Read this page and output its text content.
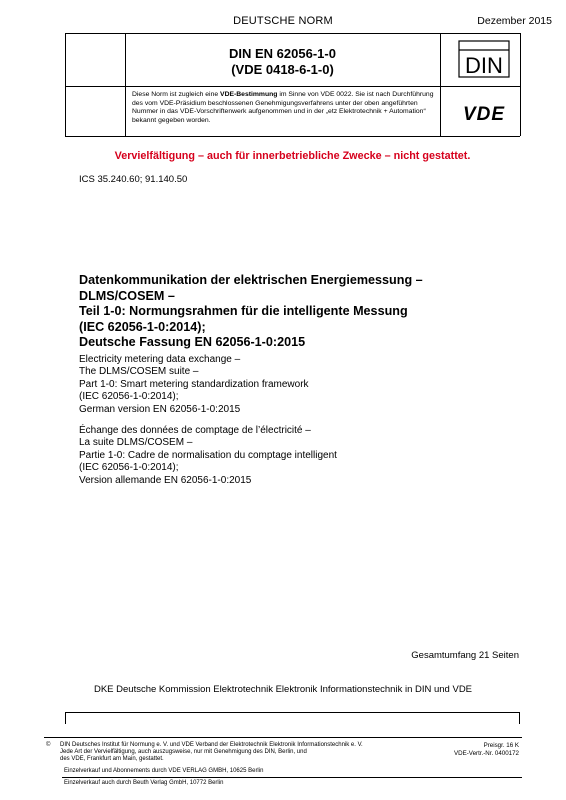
DEUTSCHE NORM	Dezember 2015
DIN EN 62056-1-0
(VDE 0418-6-1-0)	DIN
Diese Norm ist zugleich eine VDE-Bestimmung im Sinne von VDE 0022. Sie ist nach Durchführung des vom VDE-Präsidium beschlossenen Genehmigungsverfahrens unter der oben angeführten Nummer in das VDE-Vorschriftenwerk aufgenommen und in der „etz Elektrotechnik + Automation“ bekannt gegeben worden.	VDE
Vervielfältigung – auch für innerbetriebliche Zwecke – nicht gestattet.
ICS 35.240.60; 91.140.50
Datenkommunikation der elektrischen Energiemessung –
DLMS/COSEM –
Teil 1-0: Normungsrahmen für die intelligente Messung
(IEC 62056-1-0:2014);
Deutsche Fassung EN 62056-1-0:2015
Electricity metering data exchange –
The DLMS/COSEM suite –
Part 1-0: Smart metering standardization framework
(IEC 62056-1-0:2014);
German version EN 62056-1-0:2015
Échange des données de comptage de l’électricité –
La suite DLMS/COSEM –
Partie 1-0: Cadre de normalisation du comptage intelligent
(IEC 62056-1-0:2014);
Version allemande EN 62056-1-0:2015
Gesamtumfang 21 Seiten
DKE Deutsche Kommission Elektrotechnik Elektronik Informationstechnik in DIN und VDE
© DIN Deutsches Institut für Normung e. V. und VDE Verband der Elektrotechnik Elektronik Informationstechnik e. V.
Jede Art der Vervielfältigung, auch auszugsweise, nur mit Genehmigung des DIN, Berlin, und
des VDE, Frankfurt am Main, gestattet.
Preisgr. 16 K
VDE-Vertr.-Nr. 0400172
Einzelverkauf und Abonnements durch VDE VERLAG GMBH, 10625 Berlin
Einzelverkauf auch durch Beuth Verlag GmbH, 10772 Berlin
